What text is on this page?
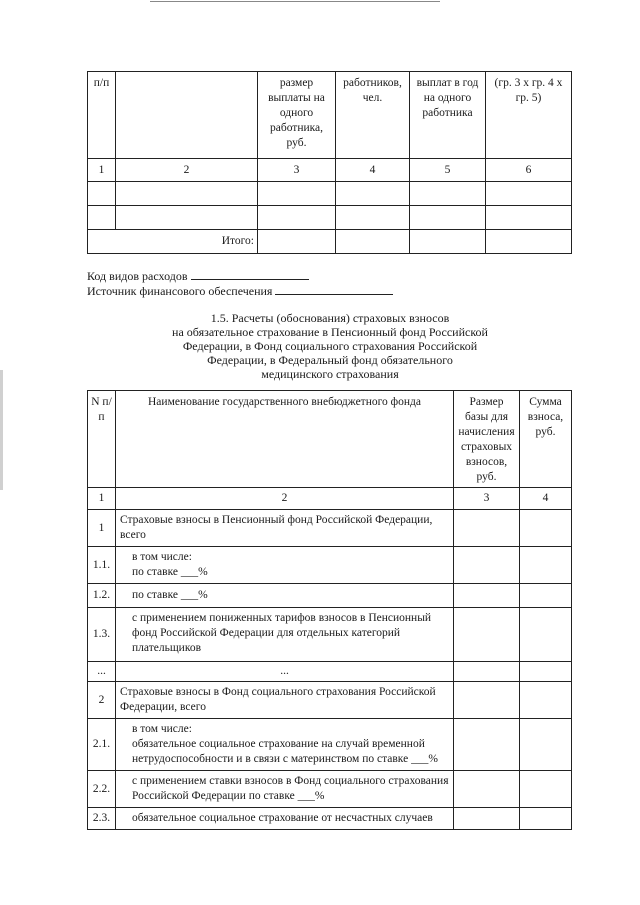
п/п		размер выплаты на одного работника, руб.	работников, чел.	выплат в год на одного работника	(гр. 3 х гр. 4 х гр. 5)
1	2	3	4	5	6

Итого:					
Код видов расходов
Источник финансового обеспечения
1.5. Расчеты (обоснования) страховых взносов
на обязательное страхование в Пенсионный фонд Российской
Федерации, в Фонд социального страхования Российской
Федерации, в Федеральный фонд обязательного
медицинского страхования
N п/п	Наименование государственного внебюджетного фонда	Размер базы для начисления страховых взносов, руб.	Сумма взноса, руб.
1	2	3	4
1	Страховые взносы в Пенсионный фонд Российской Федерации, всего		
1.1.	в том числе:
по ставке ___%		

1.2.	по ставке ___%		
1.3.	с применением пониженных тарифов взносов в Пенсионный фонд Российской Федерации для отдельных категорий плательщиков		
...	...		
2	Страховые взносы в Фонд социального страхования Российской Федерации, всего		
2.1.	в том числе:
обязательное социальное страхование на случай временной нетрудоспособности и в связи с материнством по ставке ___%		

2.2.	с применением ставки взносов в Фонд социального страхования Российской Федерации по ставке ___%		
2.3.	обязательное социальное страхование от несчастных случаев		
